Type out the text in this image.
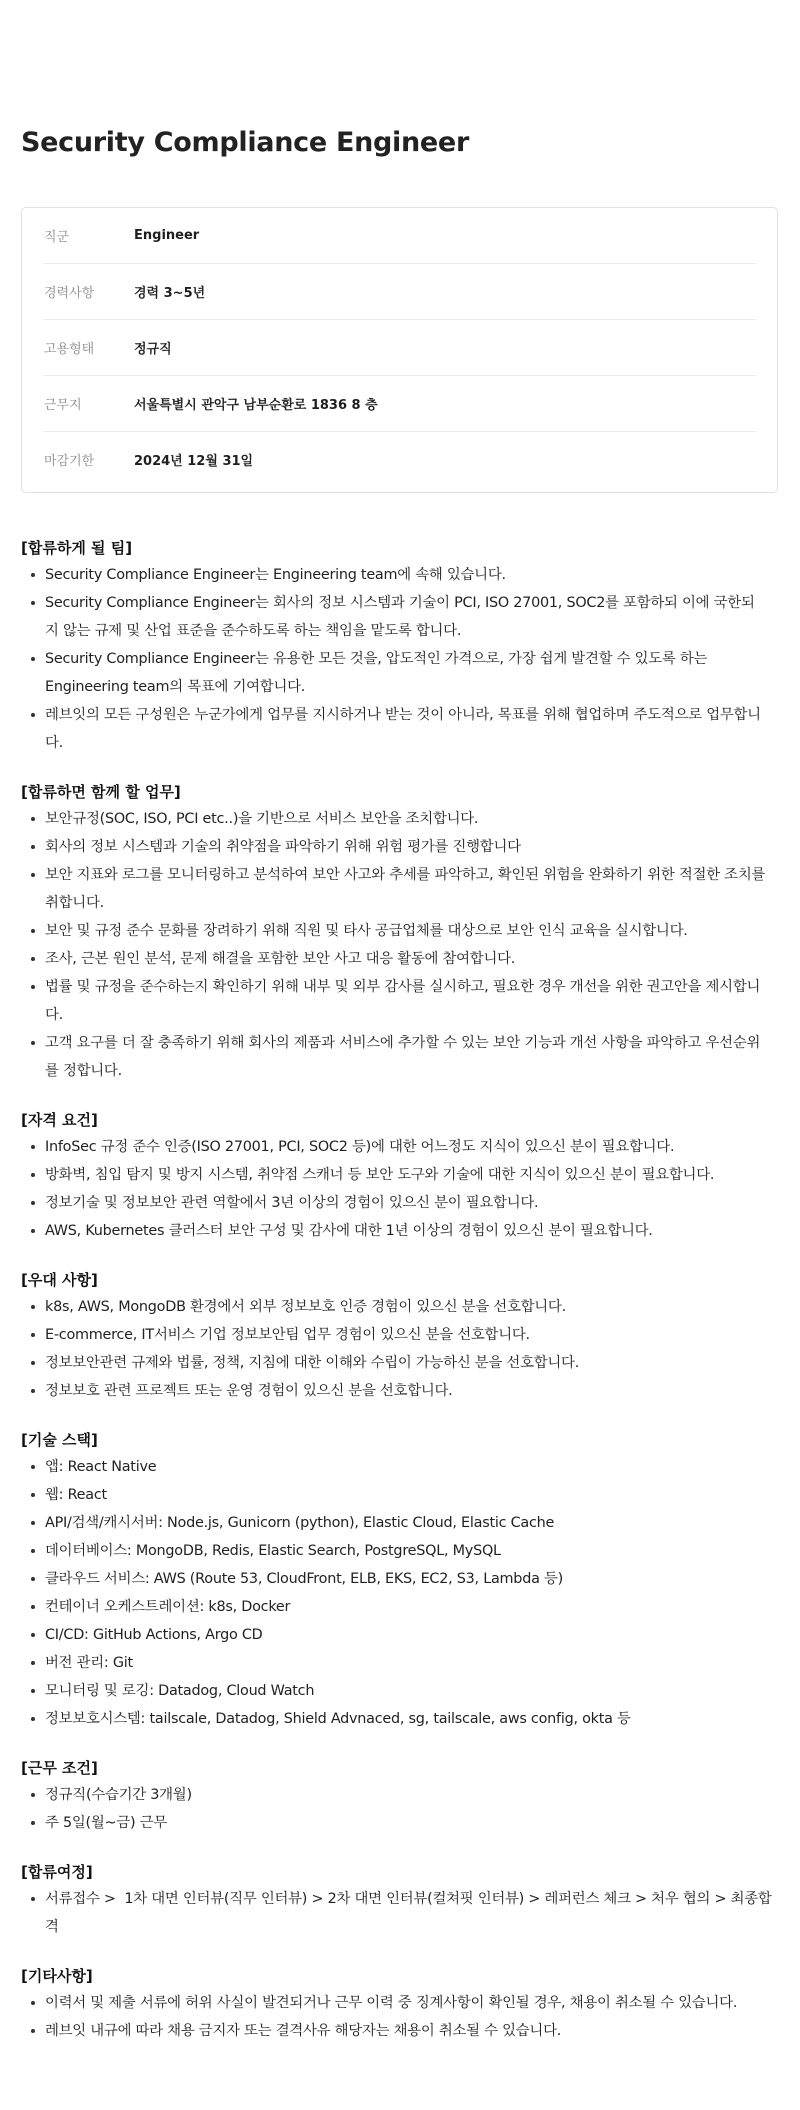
Security Compliance Engineer
직군	Engineer
경력사항	경력 3~5년
고용형태	정규직
근무지	서울특별시 관악구 남부순환로 1836 8 층
마감기한	2024년 12월 31일
[합류하게 될 팀]
Security Compliance Engineer는 Engineering team에 속해 있습니다.
Security Compliance Engineer는 회사의 정보 시스템과 기술이 PCI, ISO 27001, SOC2를 포함하되 이에 국한되
지 않는 규제 및 산업 표준을 준수하도록 하는 책임을 맡도록 합니다.
Security Compliance Engineer는 유용한 모든 것을, 압도적인 가격으로, 가장 쉽게 발견할 수 있도록 하는
Engineering team의 목표에 기여합니다.
레브잇의 모든 구성원은 누군가에게 업무를 지시하거나 받는 것이 아니라, 목표를 위해 협업하며 주도적으로 업무합니
다.
[합류하면 함께 할 업무]
보안규정(SOC, ISO, PCI etc..)을 기반으로 서비스 보안을 조치합니다.
회사의 정보 시스템과 기술의 취약점을 파악하기 위해 위험 평가를 진행합니다
보안 지표와 로그를 모니터링하고 분석하여 보안 사고와 추세를 파악하고, 확인된 위험을 완화하기 위한 적절한 조치를
취합니다.
보안 및 규정 준수 문화를 장려하기 위해 직원 및 타사 공급업체를 대상으로 보안 인식 교육을 실시합니다.
조사, 근본 원인 분석, 문제 해결을 포함한 보안 사고 대응 활동에 참여합니다.
법률 및 규정을 준수하는지 확인하기 위해 내부 및 외부 감사를 실시하고, 필요한 경우 개선을 위한 권고안을 제시합니
다.
고객 요구를 더 잘 충족하기 위해 회사의 제품과 서비스에 추가할 수 있는 보안 기능과 개선 사항을 파악하고 우선순위
를 정합니다.
[자격 요건]
InfoSec 규정 준수 인증(ISO 27001, PCI, SOC2 등)에 대한 어느정도 지식이 있으신 분이 필요합니다.
방화벽, 침입 탐지 및 방지 시스템, 취약점 스캐너 등 보안 도구와 기술에 대한 지식이 있으신 분이 필요합니다.
정보기술 및 정보보안 관련 역할에서 3년 이상의 경험이 있으신 분이 필요합니다.
AWS, Kubernetes 클러스터 보안 구성 및 감사에 대한 1년 이상의 경험이 있으신 분이 필요합니다.
[우대 사항]
k8s, AWS, MongoDB 환경에서 외부 정보보호 인증 경험이 있으신 분을 선호합니다.
E-commerce, IT서비스 기업 정보보안팀 업무 경험이 있으신 분을 선호합니다.
정보보안관련 규제와 법률, 정책, 지침에 대한 이해와 수립이 가능하신 분을 선호합니다.
정보보호 관련 프로젝트 또는 운영 경험이 있으신 분을 선호합니다.
[기술 스택]
앱: React Native
웹: React
API/검색/캐시서버: Node.js, Gunicorn (python), Elastic Cloud, Elastic Cache
데이터베이스: MongoDB, Redis, Elastic Search, PostgreSQL, MySQL
클라우드 서비스: AWS (Route 53, CloudFront, ELB, EKS, EC2, S3, Lambda 등)
컨테이너 오케스트레이션: k8s, Docker
CI/CD: GitHub Actions, Argo CD
버전 관리: Git
모니터링 및 로깅: Datadog, Cloud Watch
정보보호시스템: tailscale, Datadog, Shield Advnaced, sg, tailscale, aws config, okta 등
[근무 조건]
정규직(수습기간 3개월)
주 5일(월~금) 근무
[합류여정]
서류접수 >  1차 대면 인터뷰(직무 인터뷰) > 2차 대면 인터뷰(컬쳐핏 인터뷰) > 레퍼런스 체크 > 처우 협의 > 최종합격
[기타사항]
이력서 및 제출 서류에 허위 사실이 발견되거나 근무 이력 중 징계사항이 확인될 경우, 채용이 취소될 수 있습니다.
레브잇 내규에 따라 채용 금지자 또는 결격사유 해당자는 채용이 취소될 수 있습니다.
